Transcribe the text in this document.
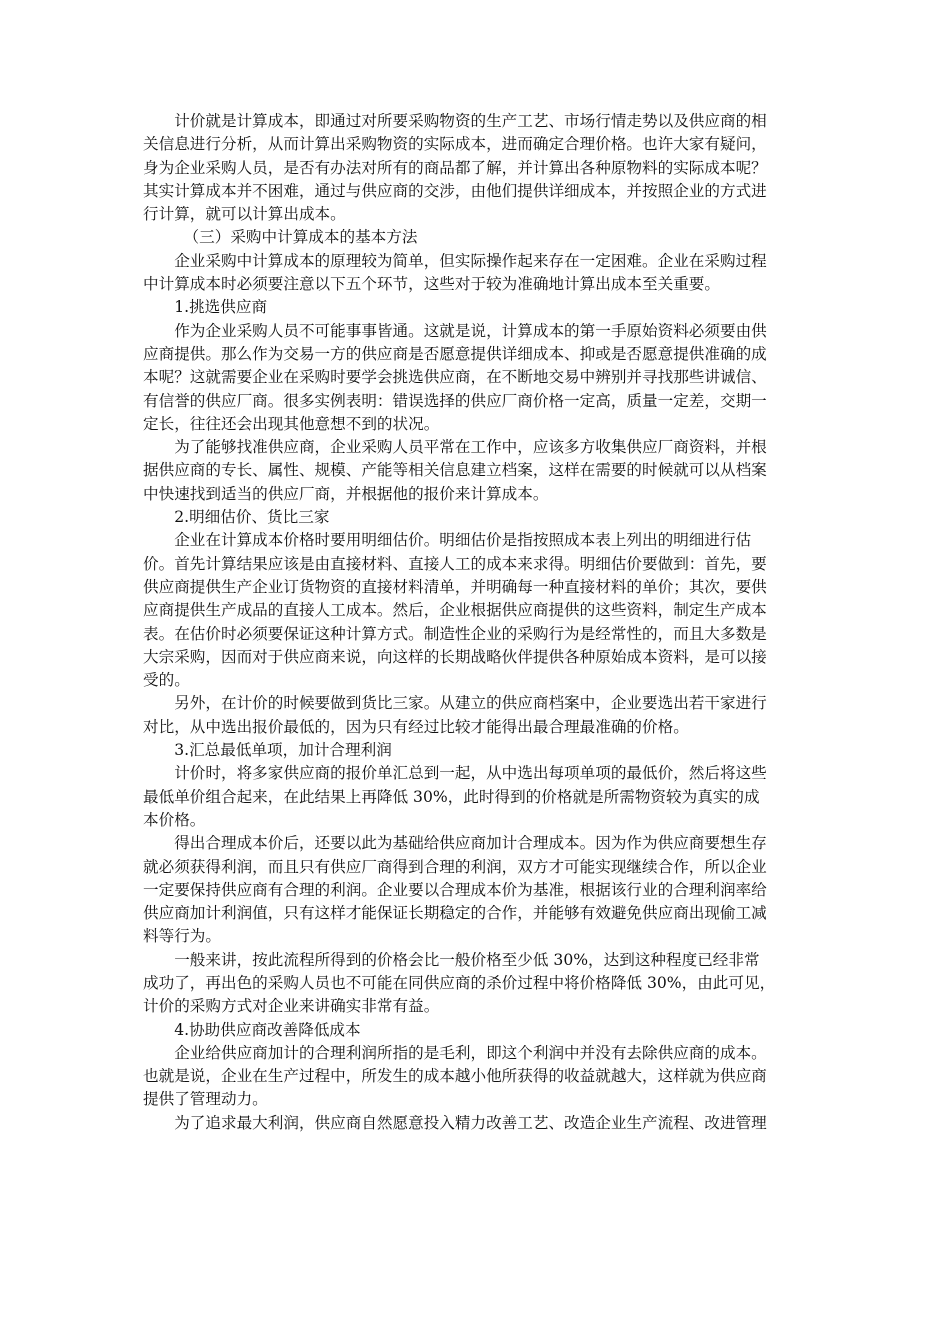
计价就是计算成本，即通过对所要采购物资的生产工艺、市场行情走势以及供应商的相
关信息进行分析，从而计算出采购物资的实际成本，进而确定合理价格。也许大家有疑问，
身为企业采购人员，是否有办法对所有的商品都了解，并计算出各种原物料的实际成本呢？
其实计算成本并不困难，通过与供应商的交涉，由他们提供详细成本，并按照企业的方式进
行计算，就可以计算出成本。

（三）采购中计算成本的基本方法

企业采购中计算成本的原理较为简单，但实际操作起来存在一定困难。企业在采购过程
中计算成本时必须要注意以下五个环节，这些对于较为准确地计算出成本至关重要。

1.挑选供应商

作为企业采购人员不可能事事皆通。这就是说，计算成本的第一手原始资料必须要由供
应商提供。那么作为交易一方的供应商是否愿意提供详细成本、抑或是否愿意提供准确的成
本呢？这就需要企业在采购时要学会挑选供应商，在不断地交易中辨别并寻找那些讲诚信、
有信誉的供应厂商。很多实例表明：错误选择的供应厂商价格一定高，质量一定差，交期一
定长，往往还会出现其他意想不到的状况。

为了能够找准供应商，企业采购人员平常在工作中，应该多方收集供应厂商资料，并根
据供应商的专长、属性、规模、产能等相关信息建立档案，这样在需要的时候就可以从档案
中快速找到适当的供应厂商，并根据他的报价来计算成本。

2.明细估价、货比三家

企业在计算成本价格时要用明细估价。明细估价是指按照成本表上列出的明细进行估
价。首先计算结果应该是由直接材料、直接人工的成本来求得。明细估价要做到：首先，要
供应商提供生产企业订货物资的直接材料清单，并明确每一种直接材料的单价；其次，要供
应商提供生产成品的直接人工成本。然后，企业根据供应商提供的这些资料，制定生产成本
表。在估价时必须要保证这种计算方式。制造性企业的采购行为是经常性的，而且大多数是
大宗采购，因而对于供应商来说，向这样的长期战略伙伴提供各种原始成本资料，是可以接
受的。

另外，在计价的时候要做到货比三家。从建立的供应商档案中，企业要选出若干家进行
对比，从中选出报价最低的，因为只有经过比较才能得出最合理最准确的价格。

3.汇总最低单项，加计合理利润

计价时，将多家供应商的报价单汇总到一起，从中选出每项单项的最低价，然后将这些
最低单价组合起来，在此结果上再降低 30%，此时得到的价格就是所需物资较为真实的成
本价格。

得出合理成本价后，还要以此为基础给供应商加计合理成本。因为作为供应商要想生存
就必须获得利润，而且只有供应厂商得到合理的利润，双方才可能实现继续合作，所以企业
一定要保持供应商有合理的利润。企业要以合理成本价为基准，根据该行业的合理利润率给
供应商加计利润值，只有这样才能保证长期稳定的合作，并能够有效避免供应商出现偷工减
料等行为。

一般来讲，按此流程所得到的价格会比一般价格至少低 30%，达到这种程度已经非常
成功了，再出色的采购人员也不可能在同供应商的杀价过程中将价格降低 30%，由此可见，
计价的采购方式对企业来讲确实非常有益。

4.协助供应商改善降低成本

企业给供应商加计的合理利润所指的是毛利，即这个利润中并没有去除供应商的成本。
也就是说，企业在生产过程中，所发生的成本越小他所获得的收益就越大，这样就为供应商
提供了管理动力。

为了追求最大利润，供应商自然愿意投入精力改善工艺、改造企业生产流程、改进管理
